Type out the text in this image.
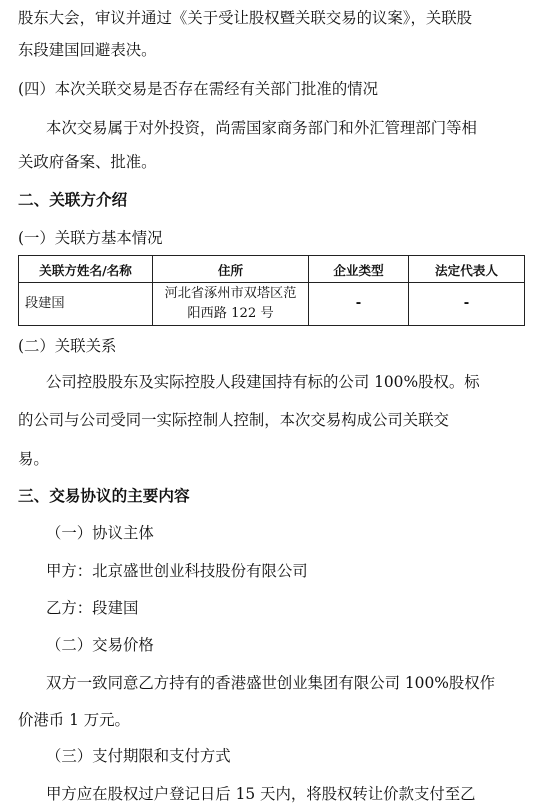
股东大会，审议并通过《关于受让股权暨关联交易的议案》，关联股
东段建国回避表决。
(四）本次关联交易是否存在需经有关部门批准的情况
本次交易属于对外投资，尚需国家商务部门和外汇管理部门等相
关政府备案、批准。
二、关联方介绍
(一）关联方基本情况
关联方姓名/名称	住所	企业类型	法定代表人
段建国	河北省涿州市双塔区范
阳西路 122 号	-	-
(二）关联关系
公司控股股东及实际控股人段建国持有标的公司 100%股权。标
的公司与公司受同一实际控制人控制，本次交易构成公司关联交
易。
三、交易协议的主要内容
（一）协议主体
甲方：北京盛世创业科技股份有限公司
乙方：段建国
（二）交易价格
双方一致同意乙方持有的香港盛世创业集团有限公司 100%股权作
价港币 1 万元。
（三）支付期限和支付方式
甲方应在股权过户登记日后 15 天内，将股权转让价款支付至乙
